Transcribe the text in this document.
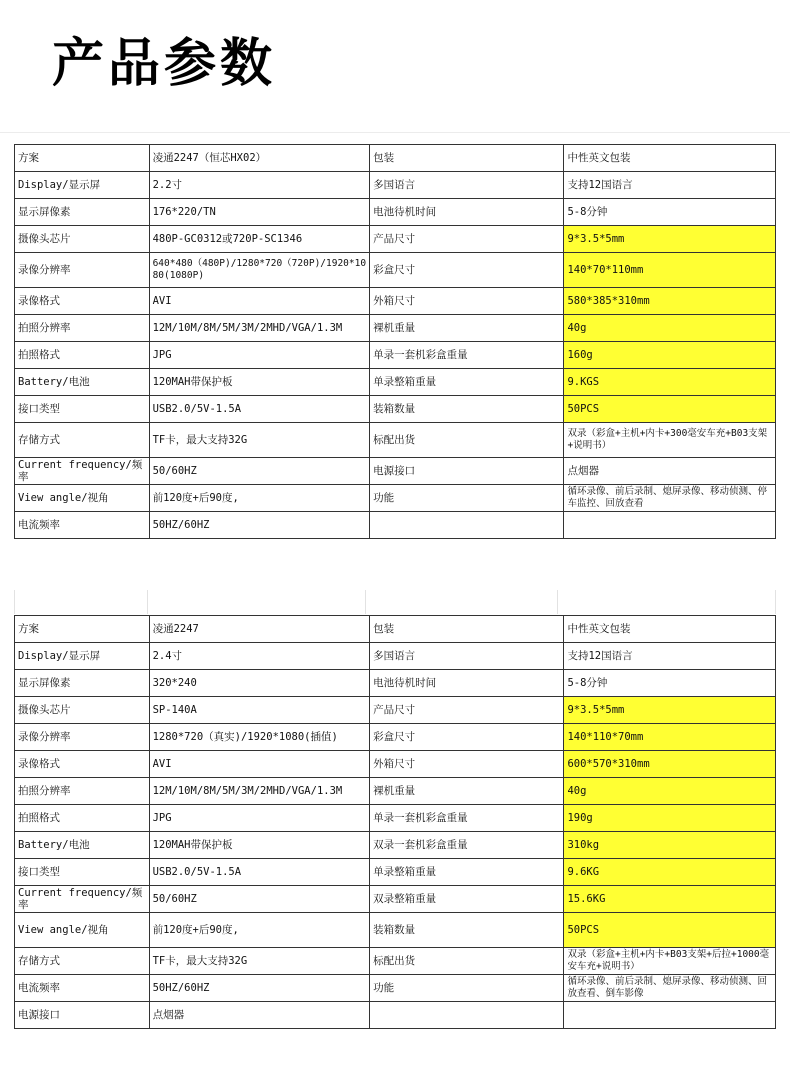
产品参数
方案	凌通2247（恒芯HX02）	包装	中性英文包装
Display/显示屏	2.2寸	多国语言	支持12国语言
显示屏像素	176*220/TN	电池待机时间	5-8分钟
摄像头芯片	480P-GC0312或720P-SC1346	产品尺寸	9*3.5*5mm
录像分辨率	640*480（480P)/1280*720（720P)/1920*1080(1080P)	彩盒尺寸	140*70*110mm
录像格式	AVI	外箱尺寸	580*385*310mm
拍照分辨率	12M/10M/8M/5M/3M/2MHD/VGA/1.3M	裸机重量	40g
拍照格式	JPG	单录一套机彩盒重量	160g
Battery/电池	120MAH带保护板	单录整箱重量	9.KGS
接口类型	USB2.0/5V-1.5A	装箱数量	50PCS
存储方式	TF卡，最大支持32G	标配出货	双录（彩盒+主机+内卡+300毫安车充+B03支架+说明书）
Current frequency/频率	50/60HZ	电源接口	点烟器
View angle/视角	前120度+后90度,	功能	循环录像、前后录制、熄屏录像、移动侦测、停车监控、回放查看
电流频率	50HZ/60HZ		
方案	凌通2247	包装	中性英文包装
Display/显示屏	2.4寸	多国语言	支持12国语言
显示屏像素	320*240	电池待机时间	5-8分钟
摄像头芯片	SP-140A	产品尺寸	9*3.5*5mm
录像分辨率	1280*720（真实)/1920*1080(插值)	彩盒尺寸	140*110*70mm
录像格式	AVI	外箱尺寸	600*570*310mm
拍照分辨率	12M/10M/8M/5M/3M/2MHD/VGA/1.3M	裸机重量	40g
拍照格式	JPG	单录一套机彩盒重量	190g
Battery/电池	120MAH带保护板	双录一套机彩盒重量	310kg
接口类型	USB2.0/5V-1.5A	单录整箱重量	9.6KG
Current frequency/频率	50/60HZ	双录整箱重量	15.6KG
View angle/视角	前120度+后90度,	装箱数量	50PCS
存储方式	TF卡，最大支持32G	标配出货	双录（彩盒+主机+内卡+B03支架+后拉+1000毫安车充+说明书）
电流频率	50HZ/60HZ	功能	循环录像、前后录制、熄屏录像、移动侦测、回放查看、倒车影像
电源接口	点烟器		
